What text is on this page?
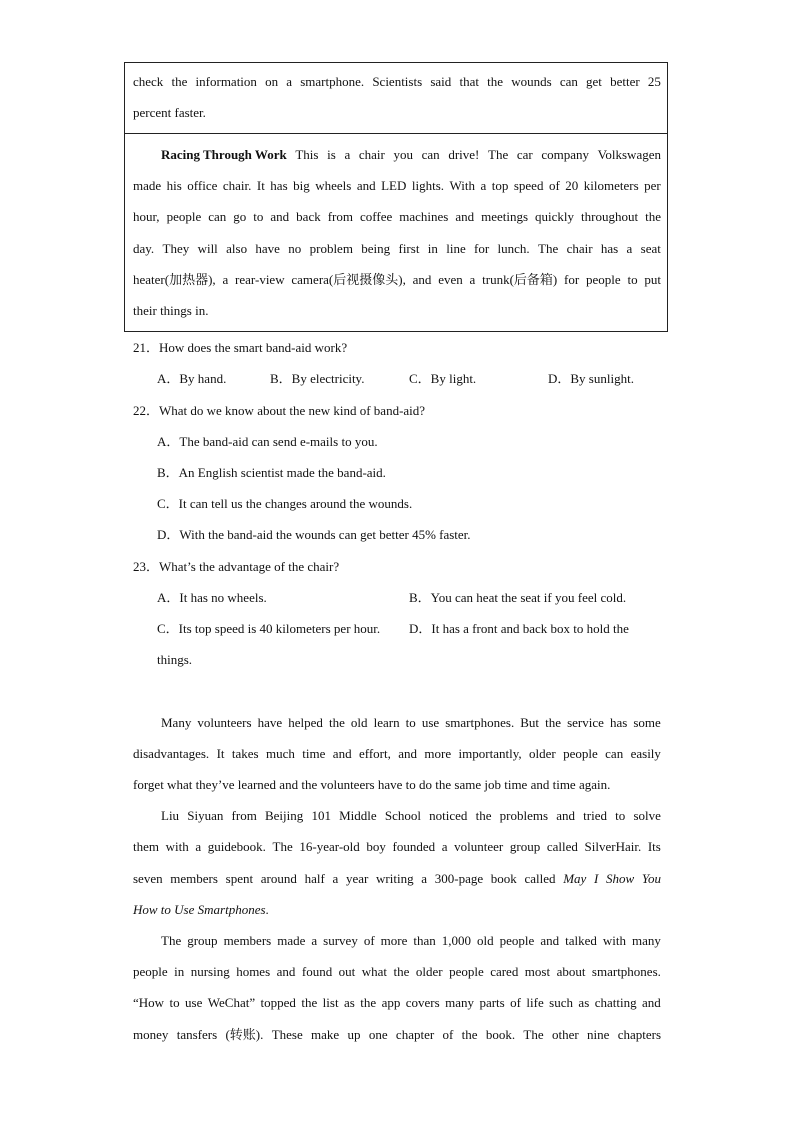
check the information on a smartphone. Scientists said that the wounds can get better 25
percent faster.
Racing Through Work This is a chair you can drive! The car company Volkswagen
made his office chair. It has big wheels and LED lights. With a top speed of 20 kilometers per
hour, people can go to and back from coffee machines and meetings quickly throughout the
day. They will also have no problem being first in line for lunch. The chair has a seat
heater(加热器), a rear-view camera(后视摄像头), and even a trunk(后备箱) for people to put
their things in.
21．How does the smart band-aid work?
A．By hand.	B．By electricity.	C．By light.	D．By sunlight.
22．What do we know about the new kind of band-aid?
A．The band-aid can send e-mails to you.
B．An English scientist made the band-aid.
C．It can tell us the changes around the wounds.
D．With the band-aid the wounds can get better 45% faster.
23．What’s the advantage of the chair?
A．It has no wheels.	B．You can heat the seat if you feel cold.
C．Its top speed is 40 kilometers per hour. D．It has a front and back box to hold the
things.
Many volunteers have helped the old learn to use smartphones. But the service has some
disadvantages. It takes much time and effort, and more importantly, older people can easily
forget what they’ve learned and the volunteers have to do the same job time and time again.
Liu Siyuan from Beijing 101 Middle School noticed the problems and tried to solve
them with a guidebook. The 16-year-old boy founded a volunteer group called SilverHair. Its
seven members spent around half a year writing a 300-page book called May I Show You
How to Use Smartphones.
The group members made a survey of more than 1,000 old people and talked with many
people in nursing homes and found out what the older people cared most about smartphones.
“How to use WeChat” topped the list as the app covers many parts of life such as chatting and
money tansfers (转账). These make up one chapter of the book. The other nine chapters
